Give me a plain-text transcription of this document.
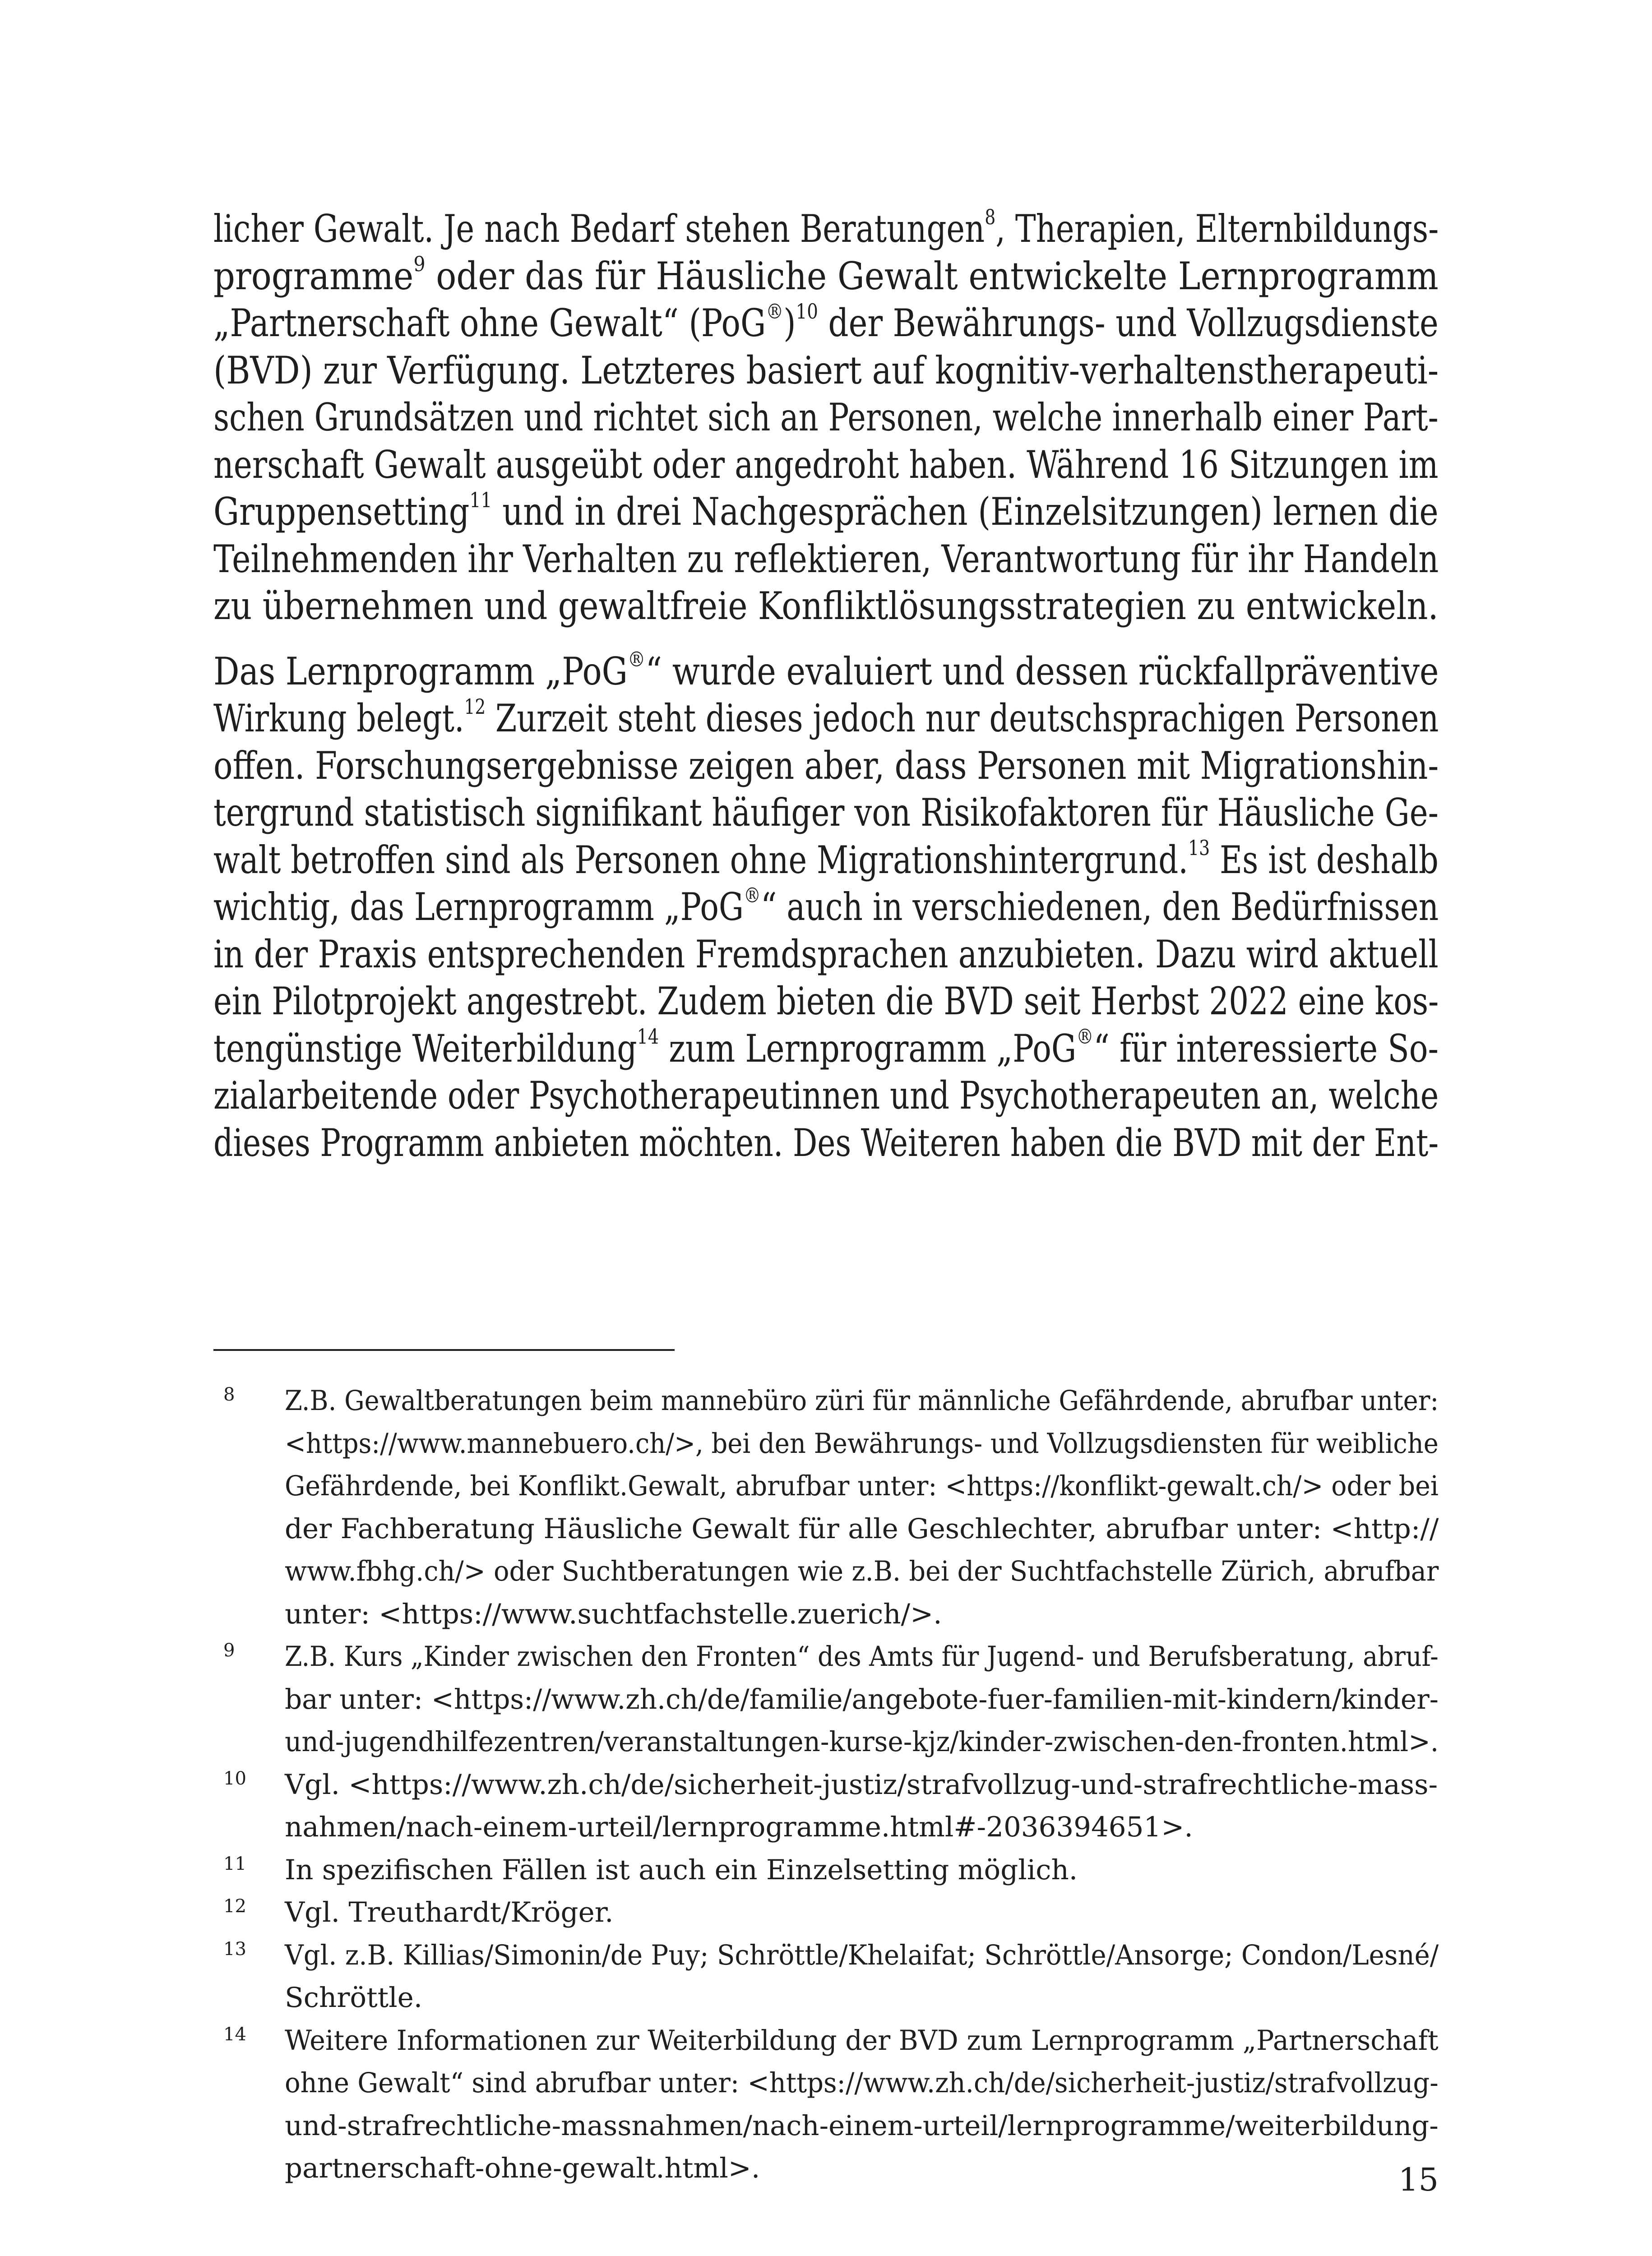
licher Gewalt. Je nach Bedarf stehen Beratungen$^8$, Therapien, Elternbildungs-
programme$^9$ oder das für Häusliche Gewalt entwickelte Lernprogramm
„Partnerschaft ohne Gewalt“ (PoG®)$^{10}$ der Bewährungs- und Vollzugsdienste
(BVD) zur Verfügung. Letzteres basiert auf kognitiv-verhaltenstherapeuti-
schen Grundsätzen und richtet sich an Personen, welche innerhalb einer Part-
nerschaft Gewalt ausgeübt oder angedroht haben. Während 16 Sitzungen im
Gruppensetting$^{11}$ und in drei Nachgesprächen (Einzelsitzungen) lernen die
Teilnehmenden ihr Verhalten zu reflektieren, Verantwortung für ihr Handeln
zu übernehmen und gewaltfreie Konfliktlösungsstrategien zu entwickeln.

Das Lernprogramm „PoG®“ wurde evaluiert und dessen rückfallpräventive
Wirkung belegt.$^{12}$ Zurzeit steht dieses jedoch nur deutschsprachigen Personen
offen. Forschungsergebnisse zeigen aber, dass Personen mit Migrationshin-
tergrund statistisch signifikant häufiger von Risikofaktoren für Häusliche Ge-
walt betroffen sind als Personen ohne Migrationshintergrund.$^{13}$ Es ist deshalb
wichtig, das Lernprogramm „PoG®“ auch in verschiedenen, den Bedürfnissen
in der Praxis entsprechenden Fremdsprachen anzubieten. Dazu wird aktuell
ein Pilotprojekt angestrebt. Zudem bieten die BVD seit Herbst 2022 eine kos-
tengünstige Weiterbildung$^{14}$ zum Lernprogramm „PoG®“ für interessierte So-
zialarbeitende oder Psychotherapeutinnen und Psychotherapeuten an, welche
dieses Programm anbieten möchten. Des Weiteren haben die BVD mit der Ent-

8 Z.B. Gewaltberatungen beim mannebüro züri für männliche Gefährdende, abrufbar unter:
<https://www.mannebuero.ch/>, bei den Bewährungs- und Vollzugsdiensten für weibliche
Gefährdende, bei Konflikt.Gewalt, abrufbar unter: <https://konflikt-gewalt.ch/> oder bei
der Fachberatung Häusliche Gewalt für alle Geschlechter, abrufbar unter: <http://
www.fbhg.ch/> oder Suchtberatungen wie z.B. bei der Suchtfachstelle Zürich, abrufbar
unter: <https://www.suchtfachstelle.zuerich/>.
9 Z.B. Kurs „Kinder zwischen den Fronten“ des Amts für Jugend- und Berufsberatung, abruf-
bar unter: <https://www.zh.ch/de/familie/angebote-fuer-familien-mit-kindern/kinder-
und-jugendhilfezentren/veranstaltungen-kurse-kjz/kinder-zwischen-den-fronten.html>.
10 Vgl. <https://www.zh.ch/de/sicherheit-justiz/strafvollzug-und-strafrechtliche-mass-
nahmen/nach-einem-urteil/lernprogramme.html#-2036394651>.
11 In spezifischen Fällen ist auch ein Einzelsetting möglich.
12 Vgl. Treuthardt/Kröger.
13 Vgl. z.B. Killias/Simonin/de Puy; Schröttle/Khelaifat; Schröttle/Ansorge; Condon/Lesné/
Schröttle.
14 Weitere Informationen zur Weiterbildung der BVD zum Lernprogramm „Partnerschaft
ohne Gewalt“ sind abrufbar unter: <https://www.zh.ch/de/sicherheit-justiz/strafvollzug-
und-strafrechtliche-massnahmen/nach-einem-urteil/lernprogramme/weiterbildung-
partnerschaft-ohne-gewalt.html>.	15
